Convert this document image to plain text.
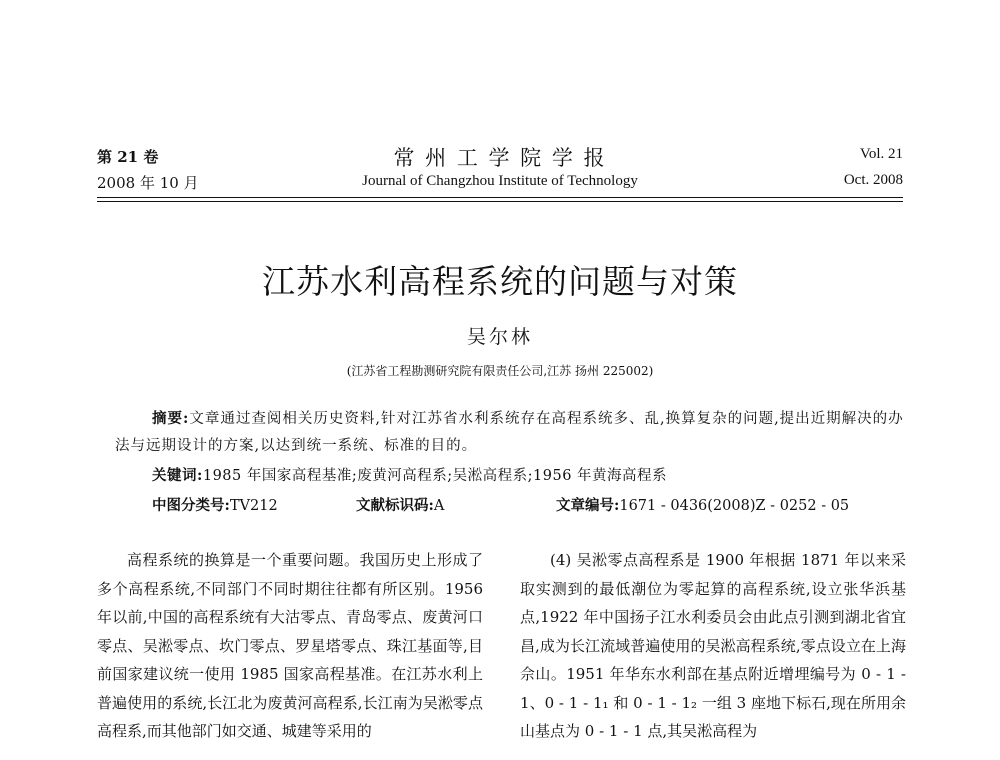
第 21 卷
2008 年 10 月
常 州 工 学 院 学 报
Journal of Changzhou Institute of Technology
Vol. 21
Oct. 2008
江苏水利高程系统的问题与对策
吴尔林
(江苏省工程勘测研究院有限责任公司,江苏 扬州 225002)
摘要:文章通过查阅相关历史资料,针对江苏省水利系统存在高程系统多、乱,换算复杂的问题,提出近期解决的办法与远期设计的方案,以达到统一系统、标准的目的。
关键词:1985 年国家高程基准;废黄河高程系;吴淞高程系;1956 年黄海高程系
中图分类号:TV212	文献标识码:A	文章编号:1671 - 0436(2008)Z - 0252 - 05

高程系统的换算是一个重要问题。我国历史上形成了多个高程系统,不同部门不同时期往往都有所区别。1956 年以前,中国的高程系统有大沽零点、青岛零点、废黄河口零点、吴淞零点、坎门零点、罗星塔零点、珠江基面等,目前国家建议统一使用 1985 国家高程基准。在江苏水利上普遍使用的系统,长江北为废黄河高程系,长江南为吴淞零点高程系,而其他部门如交通、城建等采用的

(4) 吴淞零点高程系是 1900 年根据 1871 年以来采取实测到的最低潮位为零起算的高程系统,设立张华浜基点,1922 年中国扬子江水利委员会由此点引测到湖北省宜昌,成为长江流域普遍使用的吴淞高程系统,零点设立在上海佘山。1951 年华东水利部在基点附近增埋编号为 0 - 1 - 1、0 - 1 - 1₁ 和 0 - 1 - 1₂ 一组 3 座地下标石,现在所用余山基点为 0 - 1 - 1 点,其吴淞高程为
